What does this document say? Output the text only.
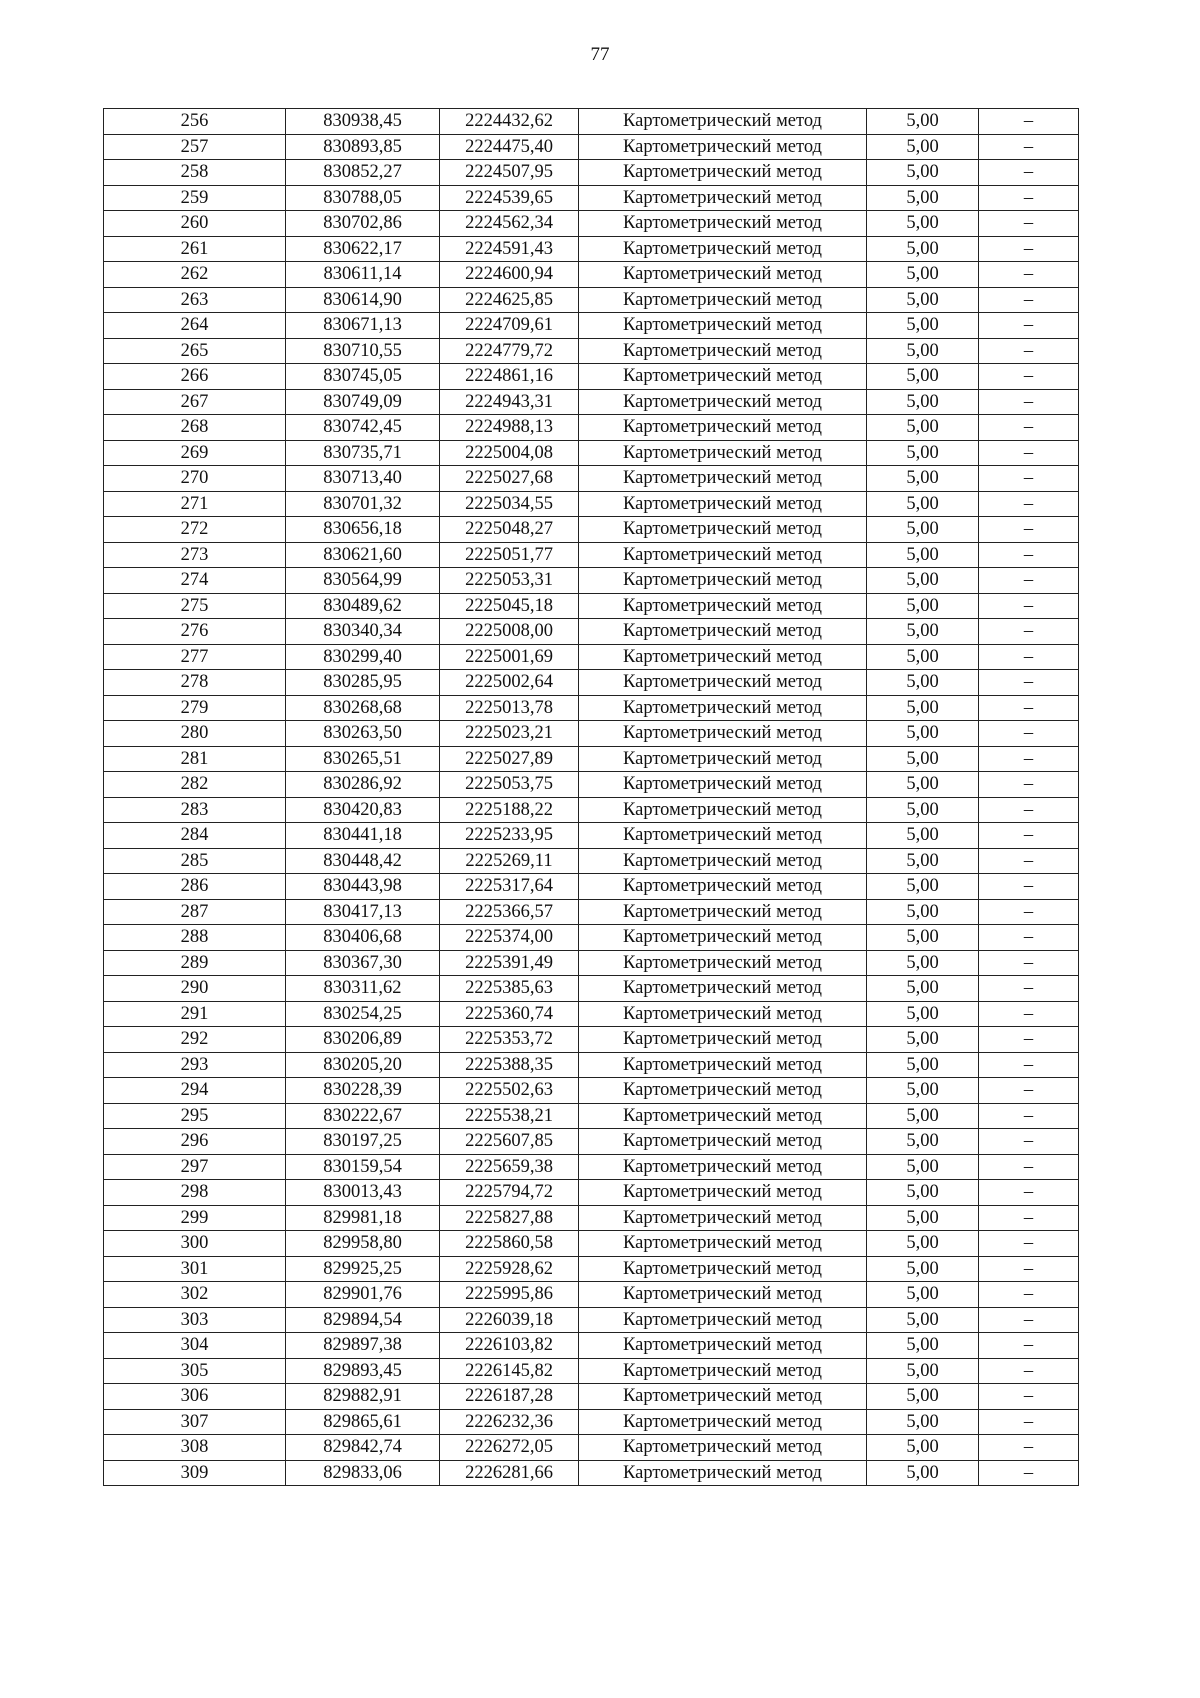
77
256	830938,45	2224432,62	Картометрический метод	5,00	–
257	830893,85	2224475,40	Картометрический метод	5,00	–
258	830852,27	2224507,95	Картометрический метод	5,00	–
259	830788,05	2224539,65	Картометрический метод	5,00	–
260	830702,86	2224562,34	Картометрический метод	5,00	–
261	830622,17	2224591,43	Картометрический метод	5,00	–
262	830611,14	2224600,94	Картометрический метод	5,00	–
263	830614,90	2224625,85	Картометрический метод	5,00	–
264	830671,13	2224709,61	Картометрический метод	5,00	–
265	830710,55	2224779,72	Картометрический метод	5,00	–
266	830745,05	2224861,16	Картометрический метод	5,00	–
267	830749,09	2224943,31	Картометрический метод	5,00	–
268	830742,45	2224988,13	Картометрический метод	5,00	–
269	830735,71	2225004,08	Картометрический метод	5,00	–
270	830713,40	2225027,68	Картометрический метод	5,00	–
271	830701,32	2225034,55	Картометрический метод	5,00	–
272	830656,18	2225048,27	Картометрический метод	5,00	–
273	830621,60	2225051,77	Картометрический метод	5,00	–
274	830564,99	2225053,31	Картометрический метод	5,00	–
275	830489,62	2225045,18	Картометрический метод	5,00	–
276	830340,34	2225008,00	Картометрический метод	5,00	–
277	830299,40	2225001,69	Картометрический метод	5,00	–
278	830285,95	2225002,64	Картометрический метод	5,00	–
279	830268,68	2225013,78	Картометрический метод	5,00	–
280	830263,50	2225023,21	Картометрический метод	5,00	–
281	830265,51	2225027,89	Картометрический метод	5,00	–
282	830286,92	2225053,75	Картометрический метод	5,00	–
283	830420,83	2225188,22	Картометрический метод	5,00	–
284	830441,18	2225233,95	Картометрический метод	5,00	–
285	830448,42	2225269,11	Картометрический метод	5,00	–
286	830443,98	2225317,64	Картометрический метод	5,00	–
287	830417,13	2225366,57	Картометрический метод	5,00	–
288	830406,68	2225374,00	Картометрический метод	5,00	–
289	830367,30	2225391,49	Картометрический метод	5,00	–
290	830311,62	2225385,63	Картометрический метод	5,00	–
291	830254,25	2225360,74	Картометрический метод	5,00	–
292	830206,89	2225353,72	Картометрический метод	5,00	–
293	830205,20	2225388,35	Картометрический метод	5,00	–
294	830228,39	2225502,63	Картометрический метод	5,00	–
295	830222,67	2225538,21	Картометрический метод	5,00	–
296	830197,25	2225607,85	Картометрический метод	5,00	–
297	830159,54	2225659,38	Картометрический метод	5,00	–
298	830013,43	2225794,72	Картометрический метод	5,00	–
299	829981,18	2225827,88	Картометрический метод	5,00	–
300	829958,80	2225860,58	Картометрический метод	5,00	–
301	829925,25	2225928,62	Картометрический метод	5,00	–
302	829901,76	2225995,86	Картометрический метод	5,00	–
303	829894,54	2226039,18	Картометрический метод	5,00	–
304	829897,38	2226103,82	Картометрический метод	5,00	–
305	829893,45	2226145,82	Картометрический метод	5,00	–
306	829882,91	2226187,28	Картометрический метод	5,00	–
307	829865,61	2226232,36	Картометрический метод	5,00	–
308	829842,74	2226272,05	Картометрический метод	5,00	–
309	829833,06	2226281,66	Картометрический метод	5,00	–
